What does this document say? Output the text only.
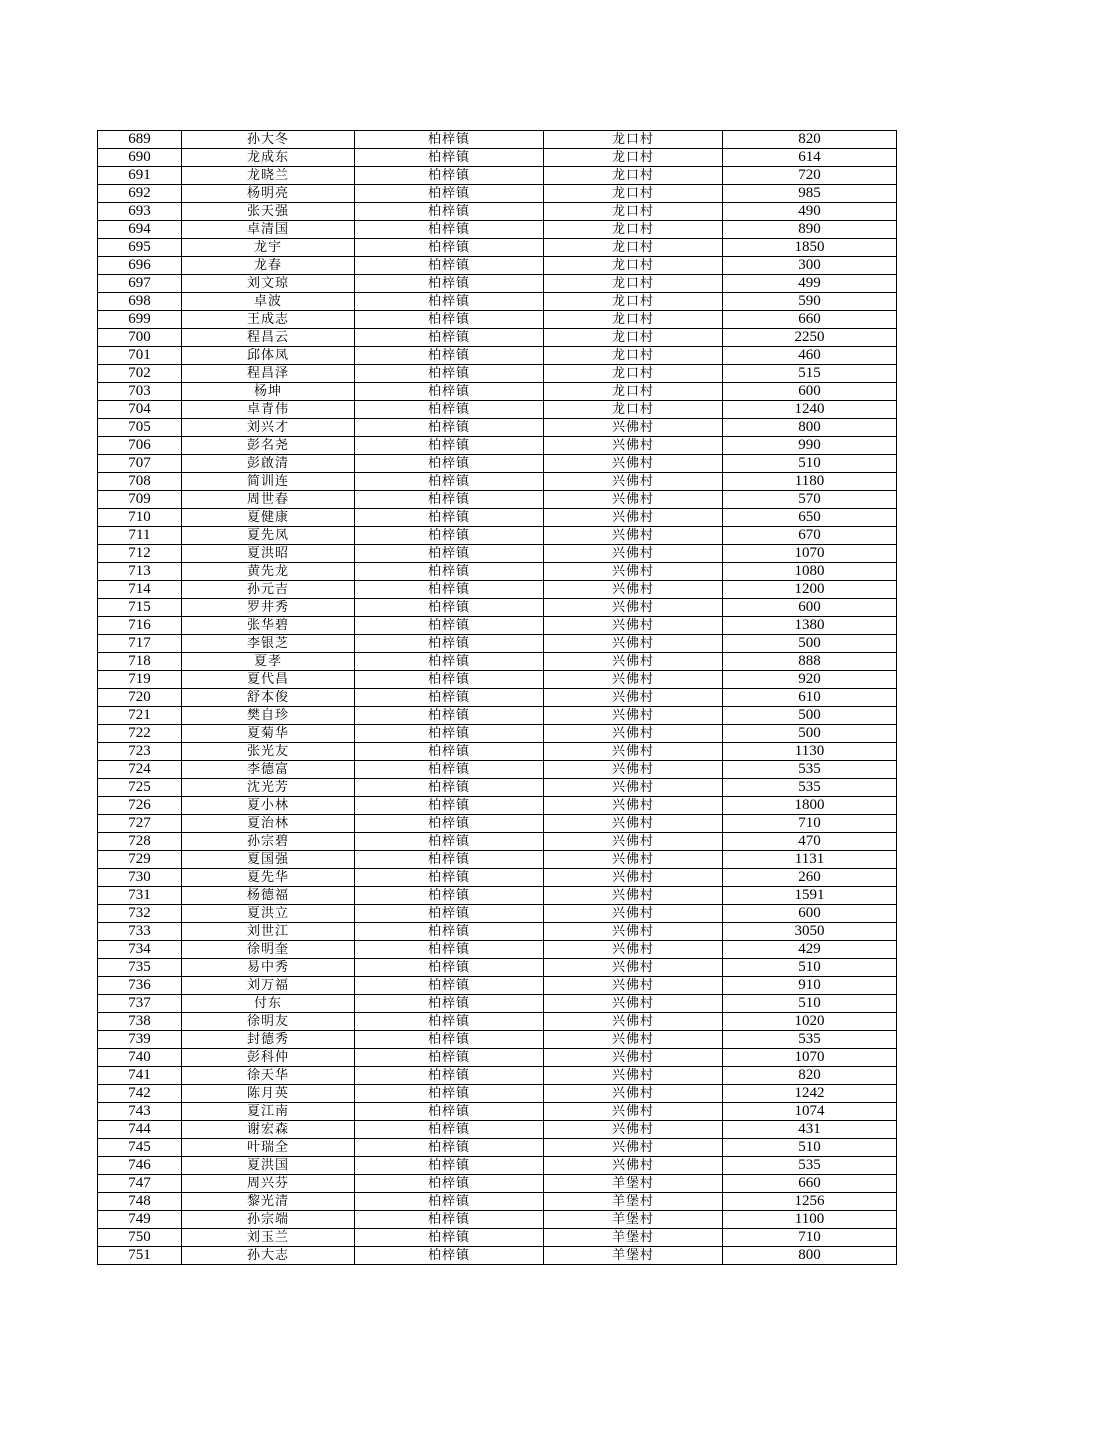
689	孙大冬	柏梓镇	龙口村	820
690	龙成东	柏梓镇	龙口村	614
691	龙晓兰	柏梓镇	龙口村	720
692	杨明亮	柏梓镇	龙口村	985
693	张天强	柏梓镇	龙口村	490
694	卓清国	柏梓镇	龙口村	890
695	龙宇	柏梓镇	龙口村	1850
696	龙春	柏梓镇	龙口村	300
697	刘文琼	柏梓镇	龙口村	499
698	卓波	柏梓镇	龙口村	590
699	王成志	柏梓镇	龙口村	660
700	程昌云	柏梓镇	龙口村	2250
701	邱体凤	柏梓镇	龙口村	460
702	程昌泽	柏梓镇	龙口村	515
703	杨坤	柏梓镇	龙口村	600
704	卓青伟	柏梓镇	龙口村	1240
705	刘兴才	柏梓镇	兴佛村	800
706	彭名尧	柏梓镇	兴佛村	990
707	彭啟清	柏梓镇	兴佛村	510
708	简训连	柏梓镇	兴佛村	1180
709	周世春	柏梓镇	兴佛村	570
710	夏健康	柏梓镇	兴佛村	650
711	夏先凤	柏梓镇	兴佛村	670
712	夏洪昭	柏梓镇	兴佛村	1070
713	黄先龙	柏梓镇	兴佛村	1080
714	孙元吉	柏梓镇	兴佛村	1200
715	罗井秀	柏梓镇	兴佛村	600
716	张华碧	柏梓镇	兴佛村	1380
717	李银芝	柏梓镇	兴佛村	500
718	夏孝	柏梓镇	兴佛村	888
719	夏代昌	柏梓镇	兴佛村	920
720	舒本俊	柏梓镇	兴佛村	610
721	樊自珍	柏梓镇	兴佛村	500
722	夏菊华	柏梓镇	兴佛村	500
723	张光友	柏梓镇	兴佛村	1130
724	李德富	柏梓镇	兴佛村	535
725	沈光芳	柏梓镇	兴佛村	535
726	夏小林	柏梓镇	兴佛村	1800
727	夏治林	柏梓镇	兴佛村	710
728	孙宗碧	柏梓镇	兴佛村	470
729	夏国强	柏梓镇	兴佛村	1131
730	夏先华	柏梓镇	兴佛村	260
731	杨德福	柏梓镇	兴佛村	1591
732	夏洪立	柏梓镇	兴佛村	600
733	刘世江	柏梓镇	兴佛村	3050
734	徐明奎	柏梓镇	兴佛村	429
735	易中秀	柏梓镇	兴佛村	510
736	刘万福	柏梓镇	兴佛村	910
737	付东	柏梓镇	兴佛村	510
738	徐明友	柏梓镇	兴佛村	1020
739	封德秀	柏梓镇	兴佛村	535
740	彭科仲	柏梓镇	兴佛村	1070
741	徐天华	柏梓镇	兴佛村	820
742	陈月英	柏梓镇	兴佛村	1242
743	夏江南	柏梓镇	兴佛村	1074
744	谢宏森	柏梓镇	兴佛村	431
745	叶瑞全	柏梓镇	兴佛村	510
746	夏洪国	柏梓镇	兴佛村	535
747	周兴芬	柏梓镇	羊堡村	660
748	黎光清	柏梓镇	羊堡村	1256
749	孙宗端	柏梓镇	羊堡村	1100
750	刘玉兰	柏梓镇	羊堡村	710
751	孙大志	柏梓镇	羊堡村	800
